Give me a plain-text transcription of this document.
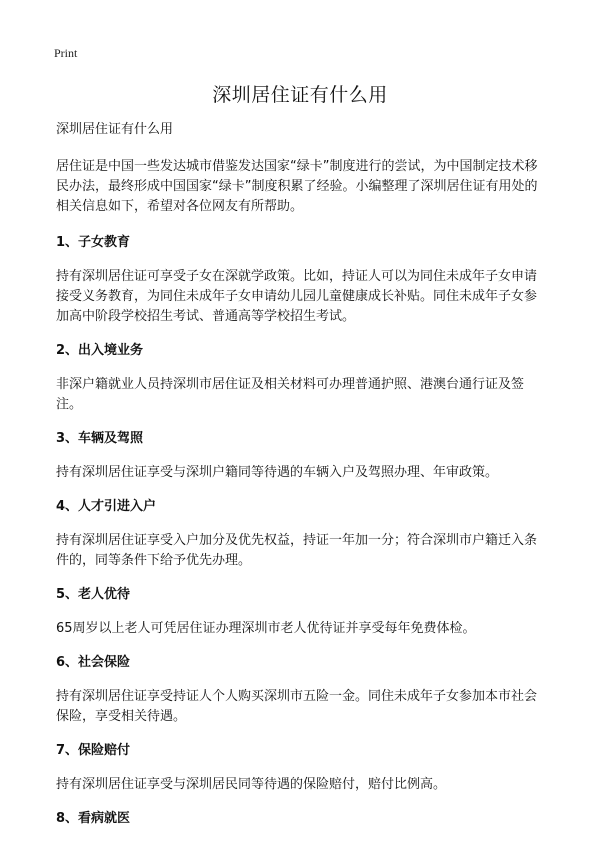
Print
深圳居住证有什么用

深圳居住证有什么用

居住证是中国一些发达城市借鉴发达国家“绿卡”制度进行的尝试，为中国制定技术移民办法，最终形成中国国家“绿卡”制度积累了经验。小编整理了深圳居住证有用处的相关信息如下，希望对各位网友有所帮助。

1、子女教育

持有深圳居住证可享受子女在深就学政策。比如，持证人可以为同住未成年子女申请接受义务教育，为同住未成年子女申请幼儿园儿童健康成长补贴。同住未成年子女参加高中阶段学校招生考试、普通高等学校招生考试。

2、出入境业务

非深户籍就业人员持深圳市居住证及相关材料可办理普通护照、港澳台通行证及签注。

3、车辆及驾照

持有深圳居住证享受与深圳户籍同等待遇的车辆入户及驾照办理、年审政策。

4、人才引进入户

持有深圳居住证享受入户加分及优先权益，持证一年加一分；符合深圳市户籍迁入条件的，同等条件下给予优先办理。

5、老人优待

65周岁以上老人可凭居住证办理深圳市老人优待证并享受每年免费体检。

6、社会保险

持有深圳居住证享受持证人个人购买深圳市五险一金。同住未成年子女参加本市社会保险，享受相关待遇。

7、保险赔付

持有深圳居住证享受与深圳居民同等待遇的保险赔付，赔付比例高。

8、看病就医
